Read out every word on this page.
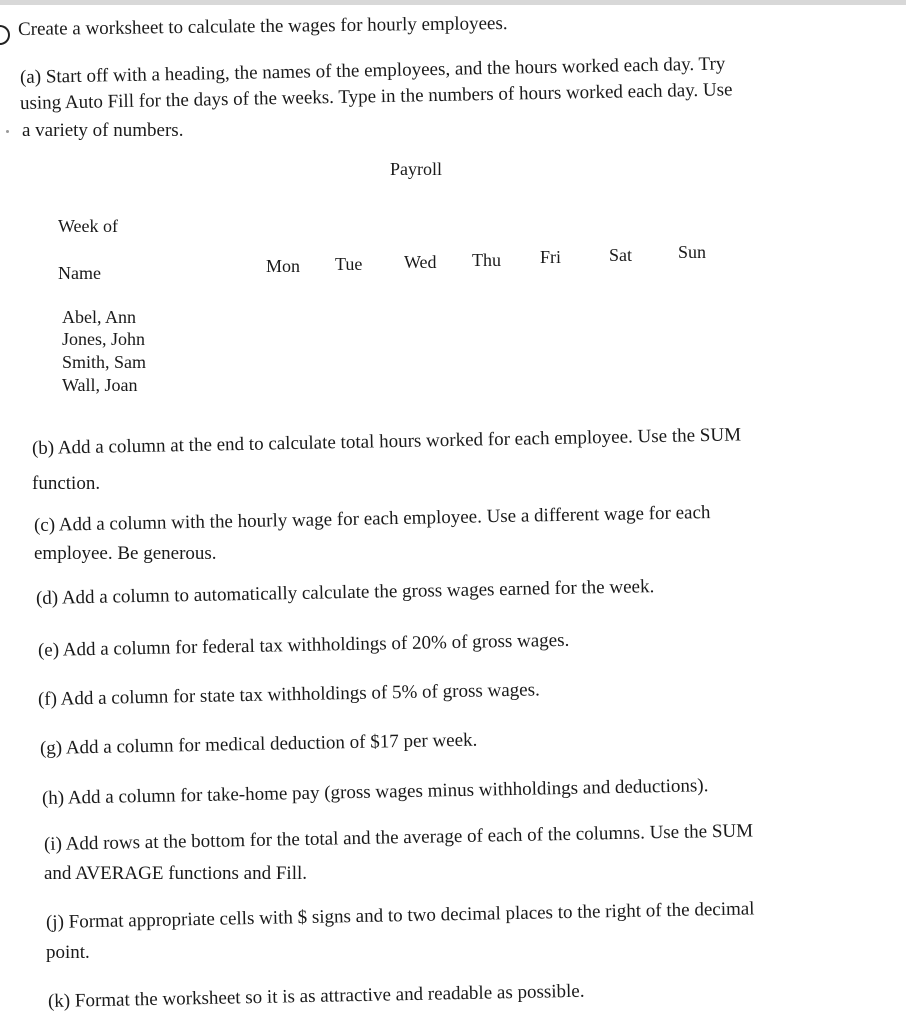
Create a worksheet to calculate the wages for hourly employees.
(a) Start off with a heading, the names of the employees, and the hours worked each day. Try
using Auto Fill for the days of the weeks. Type in the numbers of hours worked each day. Use
a variety of numbers.
Payroll
Week of
Name	Mon Tue Wed Thu Fri	Sat	Sun
Abel, Ann
Jones, John
Smith, Sam
Wall, Joan
(b) Add a column at the end to calculate total hours worked for each employee. Use the SUM
function.
(c) Add a column with the hourly wage for each employee. Use a different wage for each
employee. Be generous.
(d) Add a column to automatically calculate the gross wages earned for the week.
(e) Add a column for federal tax withholdings of 20% of gross wages.
(f) Add a column for state tax withholdings of 5% of gross wages.
(g) Add a column for medical deduction of $17 per week.
(h) Add a column for take-home pay (gross wages minus withholdings and deductions).
(i) Add rows at the bottom for the total and the average of each of the columns. Use the SUM
and AVERAGE functions and Fill.
(j) Format appropriate cells with $ signs and to two decimal places to the right of the decimal
point.
(k) Format the worksheet so it is as attractive and readable as possible.
